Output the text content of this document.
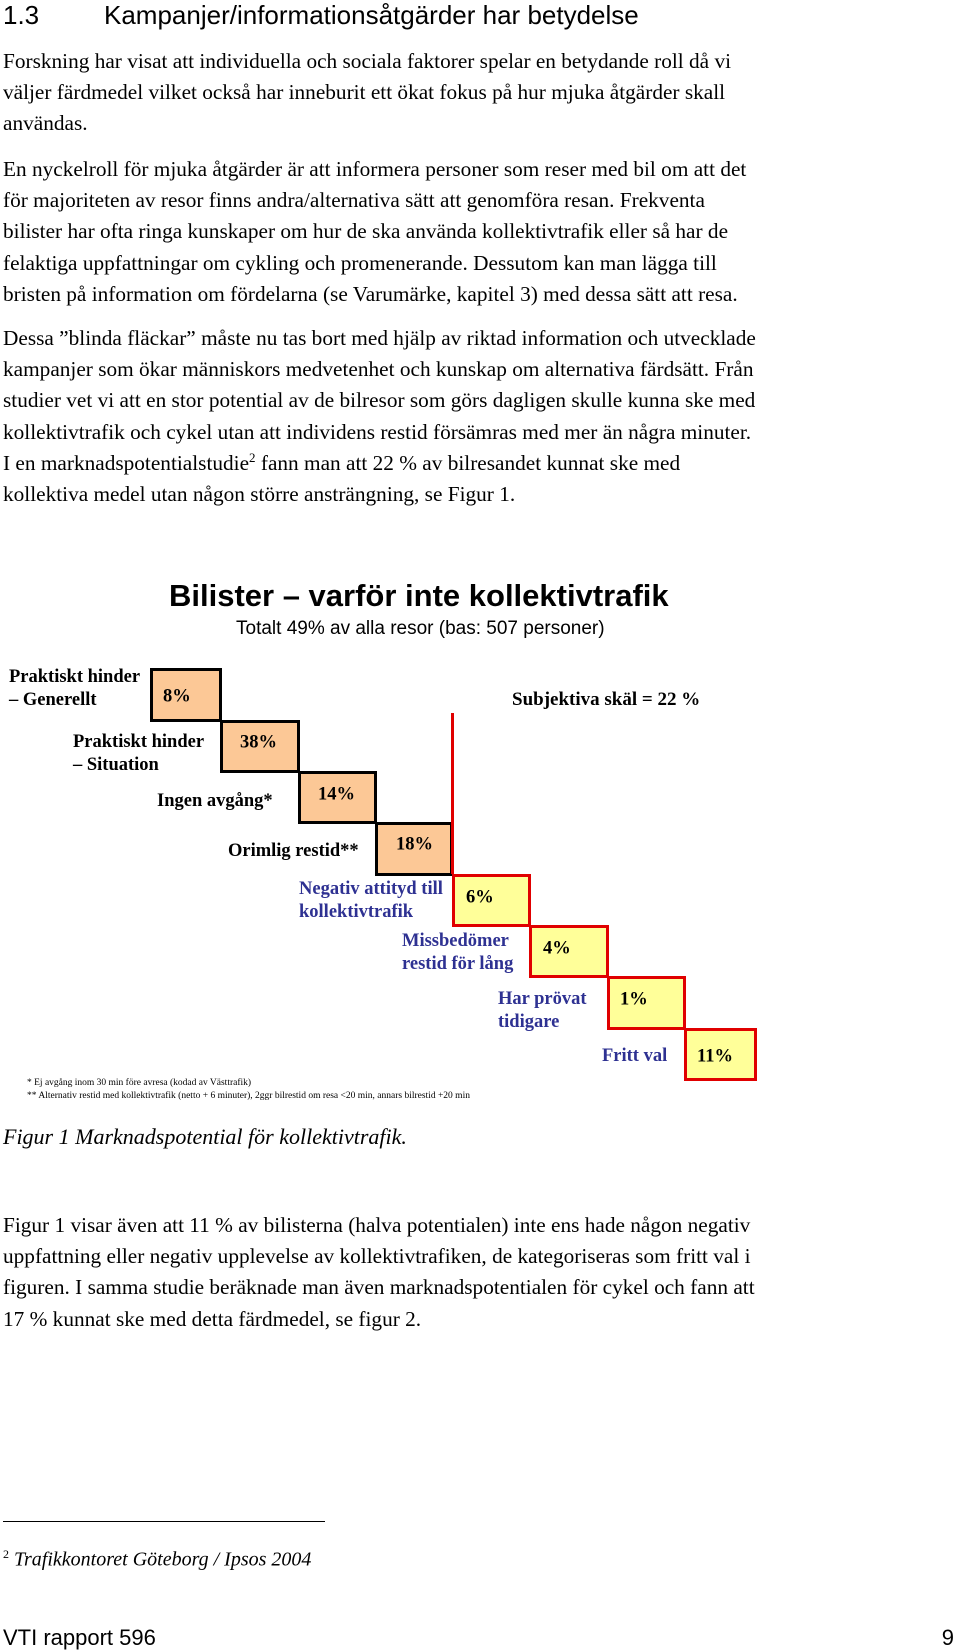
1.3 Kampanjer/informationsåtgärder har betydelse
Forskning har visat att individuella och sociala faktorer spelar en betydande roll då vi
väljer färdmedel vilket också har inneburit ett ökat fokus på hur mjuka åtgärder skall
användas.
En nyckelroll för mjuka åtgärder är att informera personer som reser med bil om att det
för majoriteten av resor finns andra/alternativa sätt att genomföra resan. Frekventa
bilister har ofta ringa kunskaper om hur de ska använda kollektivtrafik eller så har de
felaktiga uppfattningar om cykling och promenerande. Dessutom kan man lägga till
bristen på information om fördelarna (se Varumärke, kapitel 3) med dessa sätt att resa.
Dessa ”blinda fläckar” måste nu tas bort med hjälp av riktad information och utvecklade
kampanjer som ökar människors medvetenhet och kunskap om alternativa färdsätt. Från
studier vet vi att en stor potential av de bilresor som görs dagligen skulle kunna ske med
kollektivtrafik och cykel utan att individens restid försämras med mer än några minuter.
I en marknadspotentialstudie$^2$ fann man att 22 % av bilresandet kunnat ske med
kollektiva medel utan någon större ansträngning, se Figur 1.
Bilister – varför inte kollektivtrafik
Totalt 49% av alla resor (bas: 507 personer)
8%
38%
14%
18%
6%
4%
1%
11%
Praktiskt hinder
– Generellt
Praktiskt hinder
– Situation
Ingen avgång*
Orimlig restid**
Negativ attityd till
kollektivtrafik
Missbedömer
restid för lång
Har prövat
tidigare
Fritt val
Subjektiva skäl = 22 %
* Ej avgång inom 30 min före avresa (kodad av Västtrafik)
** Alternativ restid med kollektivtrafik (netto + 6 minuter), 2ggr bilrestid om resa <20 min, annars bilrestid +20 min
Figur 1 Marknadspotential för kollektivtrafik.
Figur 1 visar även att 11 % av bilisterna (halva potentialen) inte ens hade någon negativ
uppfattning eller negativ upplevelse av kollektivtrafiken, de kategoriseras som fritt val i
figuren. I samma studie beräknade man även marknadspotentialen för cykel och fann att
17 % kunnat ske med detta färdmedel, se figur 2.
$^2$ Trafikkontoret Göteborg / Ipsos 2004
VTI rapport 596	9
